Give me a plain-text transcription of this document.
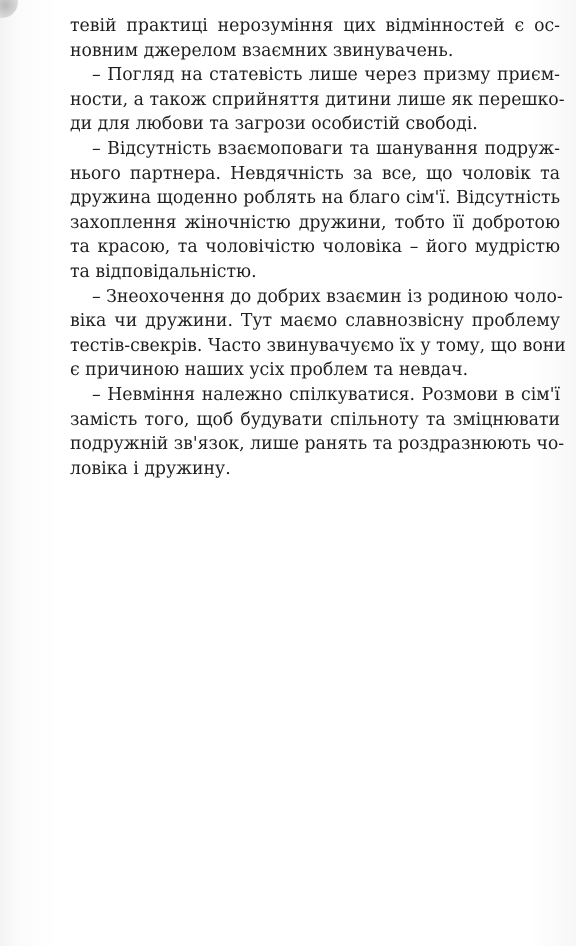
тевій практиці нерозуміння цих відмінностей є ос-
новним джерелом взаємних звинувачень.

– Погляд на статевість лише через призму приєм-
ности, а також сприйняття дитини лише як перешко-
ди для любови та загрози особистій свободі.

– Відсутність взаємоповаги та шанування подруж-
нього партнера. Невдячність за все, що чоловік та
дружина щоденно роблять на благо сім'ї. Відсутність
захоплення жіночністю дружини, тобто її добротою
та красою, та чоловічістю чоловіка – його мудрістю
та відповідальністю.

– Знеохочення до добрих взаємин із родиною чоло-
віка чи дружини. Тут маємо славнозвісну проблему
тестів-свекрів. Часто звинувачуємо їх у тому, що вони
є причиною наших усіх проблем та невдач.

– Невміння належно спілкуватися. Розмови в сім'ї
замість того, щоб будувати спільноту та зміцнювати
подружній зв'язок, лише ранять та роздразнюють чо-
ловіка і дружину.
